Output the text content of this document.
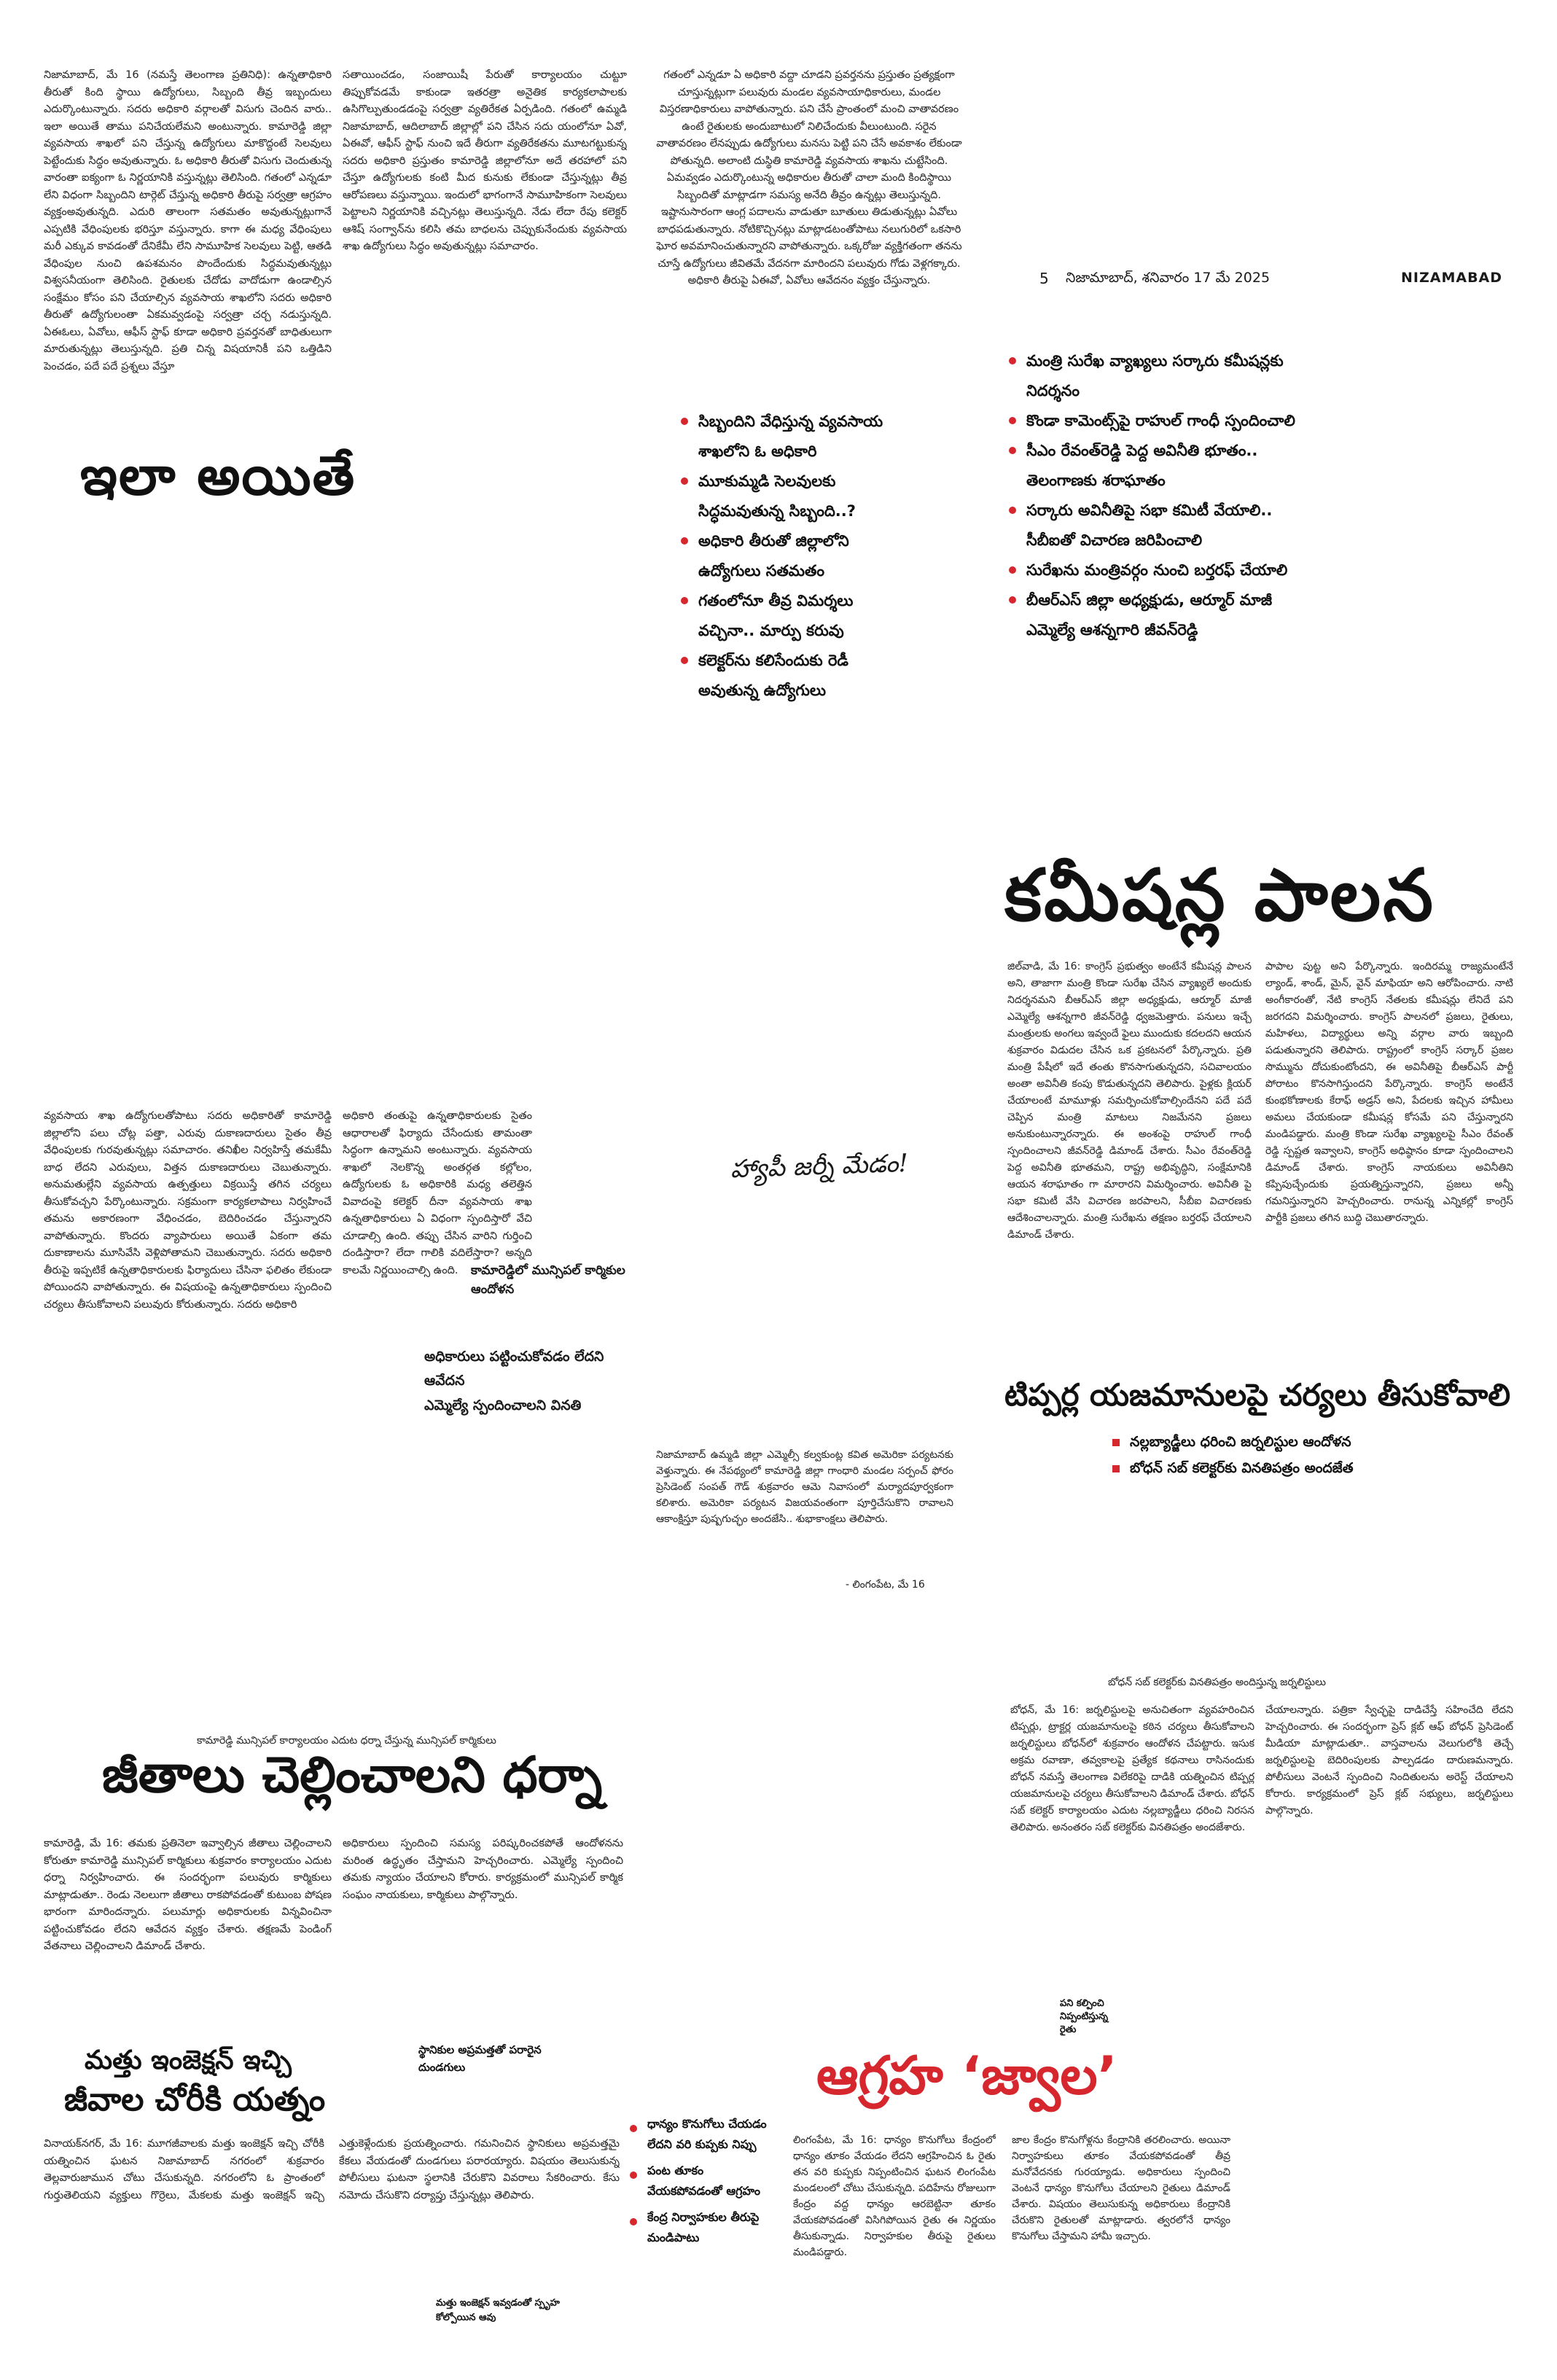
నిజామాబాద్, మే 16 (నమస్తే తెలంగాణ ప్రతినిధి): ఉన్నతాధికారి తీరుతో కింది స్థాయి ఉద్యోగులు, సిబ్బంది తీవ్ర ఇబ్బందులు ఎదుర్కొంటున్నారు. సదరు అధికారి వర్గాలతో విసుగు చెందిన వారు.. ఇలా అయితే తాము పనిచేయలేమని అంటున్నారు. కామారెడ్డి జిల్లా వ్యవసాయ శాఖలో పని చేస్తున్న ఉద్యోగులు మాకొద్దంటే సెలవులు పెట్టేందుకు సిద్ధం అవుతున్నారు. ఓ అధికారి తీరుతో విసుగు చెందుతున్న వారంతా ఐక్యంగా ఓ నిర్ణయానికి వస్తున్నట్లు తెలిసింది. గతంలో ఎన్నడూ లేని విధంగా సిబ్బందిని టార్గెట్ చేస్తున్న అధికారి తీరుపై సర్వత్రా ఆగ్రహం వ్యక్తంఅవుతున్నది. ఎదురి తాలంగా సతమతం అవుతున్నట్లుగానే ఎప్పటికి వేధింపులకు భరిస్తూ వస్తున్నారు. కాగా ఈ మధ్య వేధింపులు మరీ ఎక్కువ కావడంతో దేనికేమీ లేని సామూహిక సెలవులు పెట్టి, ఆతడి వేధింపుల నుంచి ఉపశమనం పొందేందుకు సిద్ధమవుతున్నట్లు విశ్వసనీయంగా తెలిసింది. రైతులకు చేదోడు వాదోడుగా ఉండాల్సిన సంక్షేమం కోసం పని చేయాల్సిన వ్యవసాయ శాఖలోని సదరు అధికారి తీరుతో ఉద్యోగులంతా ఏకమవ్వడంపై సర్వత్రా చర్చ నడుస్తున్నది. ఏఈఓలు, ఏవోలు, ఆఫీస్ స్టాఫ్ కూడా అధికారి ప్రవర్తనతో బాధితులుగా మారుతున్నట్లు తెలుస్తున్నది. ప్రతి చిన్న విషయానికీ పని ఒత్తిడిని పెంచడం, పదే పదే ప్రశ్నలు వేస్తూ
సతాయించడం, సంజాయిషీ పేరుతో కార్యాలయం చుట్టూ తిప్పుకోవడమే కాకుండా ఇతరత్రా అనైతిక కార్యకలాపాలకు ఉసిగొల్పుతుండడంపై సర్వత్రా వ్యతిరేకత ఏర్పడింది. గతంలో ఉమ్మడి నిజామాబాద్, ఆదిలాబాద్ జిల్లాల్లో పని చేసిన సదు యంలోనూ ఏవో, ఏఈవో, ఆఫీస్ స్టాఫ్ నుంచి ఇదే తీరుగా వ్యతిరేకతను మూటగట్టుకున్న సదరు అధికారి ప్రస్తుతం కామారెడ్డి జిల్లాలోనూ అదే తరహాలో పని చేస్తూ ఉద్యోగులకు కంటి మీద కునుకు లేకుండా చేస్తున్నట్లు తీవ్ర ఆరోపణలు వస్తున్నాయి. ఇందులో భాగంగానే సామూహికంగా సెలవులు పెట్టాలని నిర్ణయానికి వచ్చినట్లు తెలుస్తున్నది. నేడు లేదా రేపు కలెక్టర్ ఆశిష్ సంగ్వాన్‌ను కలిసి తమ బాధలను చెప్పుకునేందుకు వ్యవసాయ శాఖ ఉద్యోగులు సిద్ధం అవుతున్నట్లు సమాచారం.
గతంలో ఎన్నడూ ఏ అధికారి వద్దా చూడని ప్రవర్తనను ప్రస్తుతం ప్రత్యక్షంగా చూస్తున్నట్లుగా పలువురు మండల వ్యవసాయాధికారులు, మండల విస్తరణాధికారులు వాపోతున్నారు. పని చేసే ప్రాంతంలో మంచి వాతావరణం ఉంటే రైతులకు అందుబాటులో నిలిచేందుకు వీలుంటుంది. సరైన వాతావరణం లేనప్పుడు ఉద్యోగులు మనసు పెట్టి పని చేసే అవకాశం లేకుండా పోతున్నది. అలాంటి దుస్థితి కామారెడ్డి వ్యవసాయ శాఖను చుట్టేసింది. ఏమవ్వడం ఎదుర్కొంటున్న అధికారుల తీరుతో చాలా మంది కిందిస్థాయి సిబ్బందితో మాట్లాడగా సమస్య అనేది తీవ్రం ఉన్నట్లు తెలుస్తున్నది. ఇష్టానుసారంగా ఆంగ్ల పదాలను వాడుతూ బూతులు తిడుతున్నట్లు ఏవోలు బాధపడుతున్నారు. నోటికొచ్చినట్లు మాట్లాడటంతోపాటు నలుగురిలో ఒకసారి ఘోర అవమానించుతున్నారని వాపోతున్నారు. ఒక్కరోజు వ్యక్తిగతంగా తనను చూస్తే ఉద్యోగులు జీవితమే వేదనగా మారిందని పలువురు గోడు వెళ్లగక్కారు. అధికారి తీరుపై ఏఈవో, ఏవోలు ఆవేదనం వ్యక్తం చేస్తున్నారు.
ఇలా అయితే
సిబ్బందిని వేధిస్తున్న వ్యవసాయ శాఖలోని ఓ అధికారి
మూకుమ్మడి సెలవులకు సిద్ధమవుతున్న సిబ్బంది..?
అధికారి తీరుతో జిల్లాలోని ఉద్యోగులు సతమతం
గతంలోనూ తీవ్ర విమర్శలు వచ్చినా.. మార్పు కరువు
కలెక్టర్‌ను కలిసేందుకు రెడీ అవుతున్న ఉద్యోగులు
5 నిజామాబాద్, శనివారం 17 మే 2025	NIZAMABAD
మంత్రి సురేఖ వ్యాఖ్యలు సర్కారు కమీషన్లకు నిదర్శనం
కొండా కామెంట్స్‌పై రాహుల్ గాంధీ స్పందించాలి
సీఎం రేవంత్‌రెడ్డి పెద్ద అవినీతి భూతం.. తెలంగాణకు శరాఘాతం
సర్కారు అవినీతిపై సభా కమిటీ వేయాలి.. సీబీఐతో విచారణ జరిపించాలి
సురేఖను మంత్రివర్గం నుంచి బర్తరఫ్ చేయాలి
బీఆర్ఎస్ జిల్లా అధ్యక్షుడు, ఆర్మూర్ మాజీ ఎమ్మెల్యే ఆశన్నగారి జీవన్‌రెడ్డి
కమీషన్ల పాలన
జిల్‌వాడి, మే 16: కాంగ్రెస్ ప్రభుత్వం అంటేనే కమీషన్ల పాలన అని, తాజాగా మంత్రి కొండా సురేఖ చేసిన వ్యాఖ్యలే అందుకు నిదర్శనమని బీఆర్ఎస్ జిల్లా అధ్యక్షుడు, ఆర్మూర్ మాజీ ఎమ్మెల్యే ఆశన్నగారి జీవన్‌రెడ్డి ధ్వజమెత్తారు. పనులు ఇచ్చే మంత్రులకు అంగలు ఇవ్వందే ఫైలు ముందుకు కదలదని ఆయన శుక్రవారం విడుదల చేసిన ఒక ప్రకటనలో పేర్కొన్నారు. ప్రతి మంత్రి పేషీలో ఇదే తంతు కొనసాగుతున్నదని, సచివాలయం అంతా అవినీతి కంపు కొడుతున్నదని తెలిపారు. పైళ్లకు క్లియర్ చేయాలంటే మామూళ్లు సమర్పించుకోవాల్సిందేనని పదే పదే చెప్పిన మంత్రి మాటలు నిజమేనని ప్రజలు అనుకుంటున్నారన్నారు. ఈ అంశంపై రాహుల్ గాంధీ స్పందించాలని జీవన్‌రెడ్డి డిమాండ్ చేశారు. సీఎం రేవంత్‌రెడ్డి పెద్ద అవినీతి భూతమని, రాష్ట్ర అభివృద్ధిని, సంక్షేమానికి ఆయన శరాఘాతం గా మారారని విమర్శించారు. అవినీతి పై సభా కమిటీ వేసి విచారణ జరపాలని, సీబీఐ విచారణకు ఆదేశించాలన్నారు. మంత్రి సురేఖను తక్షణం బర్తరఫ్ చేయాలని డిమాండ్ చేశారు.
పాపాల పుట్ట అని పేర్కొన్నారు. ఇందిరమ్మ రాజ్యమంటేనే ల్యాండ్, శాండ్, మైన్, వైన్ మాఫియా అని ఆరోపించారు. నాటి అంగీకారంతో, నేటి కాంగ్రెస్ నేతలకు కమీషన్లు లేనిదే పని జరగదని విమర్శించారు. కాంగ్రెస్ పాలనలో ప్రజలు, రైతులు, మహిళలు, విద్యార్థులు అన్ని వర్గాల వారు ఇబ్బంది పడుతున్నారని తెలిపారు. రాష్ట్రంలో కాంగ్రెస్ సర్కార్ ప్రజల సొమ్మును దోచుకుంటోందని, ఈ అవినీతిపై బీఆర్ఎస్ పార్టీ పోరాటం కొనసాగిస్తుందని పేర్కొన్నారు. కాంగ్రెస్ అంటేనే కుంభకోణాలకు కేరాఫ్ అడ్రస్ అని, పేదలకు ఇచ్చిన హామీలు అమలు చేయకుండా కమీషన్ల కోసమే పని చేస్తున్నారని మండిపడ్డారు. మంత్రి కొండా సురేఖ వ్యాఖ్యలపై సీఎం రేవంత్ రెడ్డి స్పష్టత ఇవ్వాలని, కాంగ్రెస్ అధిష్ఠానం కూడా స్పందించాలని డిమాండ్ చేశారు. కాంగ్రెస్ నాయకులు అవినీతిని కప్పిపుచ్చేందుకు ప్రయత్నిస్తున్నారని, ప్రజలు అన్నీ గమనిస్తున్నారని హెచ్చరించారు. రానున్న ఎన్నికల్లో కాంగ్రెస్ పార్టీకి ప్రజలు తగిన బుద్ధి చెబుతారన్నారు.
టిప్పర్ల యజమానులపై చర్యలు తీసుకోవాలి
నల్లబ్యాడ్జీలు ధరించి జర్నలిస్టుల ఆందోళన
బోధన్ సబ్ కలెక్టర్‌కు వినతిపత్రం అందజేత
వ్యవసాయ శాఖ ఉద్యోగులతోపాటు సదరు అధికారితో కామారెడ్డి జిల్లాలోని పలు చోట్ల పత్తా, ఎరువు దుకాణదారులు సైతం తీవ్ర వేధింపులకు గురవుతున్నట్లు సమాచారం. తనిఖీల నిర్వహిస్తే తమకేమీ బాధ లేదని ఎరువులు, విత్తన దుకాణదారులు చెబుతున్నారు. అనుమతుల్లేని వ్యవసాయ ఉత్పత్తులు విక్రయిస్తే తగిన చర్యలు తీసుకోవచ్చని పేర్కొంటున్నారు. సక్రమంగా కార్యకలాపాలు నిర్వహించే తమను అకారణంగా వేధించడం, బెదిరించడం చేస్తున్నారని వాపోతున్నారు. కొందరు వ్యాపారులు అయితే ఏకంగా తమ దుకాణాలను మూసివేసి వెళ్లిపోతామని చెబుతున్నారు. సదరు అధికారి తీరుపై ఇప్పటికే ఉన్నతాధికారులకు ఫిర్యాదులు చేసినా ఫలితం లేకుండా పోయిందని వాపోతున్నారు. ఈ విషయంపై ఉన్నతాధికారులు స్పందించి చర్యలు తీసుకోవాలని పలువురు కోరుతున్నారు. సదరు అధికారి
అధికారి తంతుపై ఉన్నతాధికారులకు సైతం ఆధారాలతో ఫిర్యాదు చేసేందుకు తామంతా సిద్ధంగా ఉన్నామని అంటున్నారు. వ్యవసాయ శాఖలో నెలకొన్న అంతర్గత కల్లోలం, ఉద్యోగులకు ఓ అధికారికి మధ్య తలెత్తిన వివాదంపై కలెక్టర్ దీనా వ్యవసాయ శాఖ ఉన్నతాధికారులు ఏ విధంగా స్పందిస్తారో వేచి చూడాల్సి ఉంది. తప్పు చేసిన వారిని గుర్తించి దండిస్తారా? లేదా గాలికి వదిలేస్తారా? అన్నది కాలమే నిర్ణయించాల్సి ఉంది.	కామారెడ్డిలో మున్సిపల్ కార్మికుల ఆందోళన
అధికారులు పట్టించుకోవడం లేదని ఆవేదన
ఎమ్మెల్యే స్పందించాలని వినతి
హ్యాపీ జర్నీ మేడం!
నిజామాబాద్ ఉమ్మడి జిల్లా ఎమ్మెల్సీ కల్వకుంట్ల కవిత అమెరికా పర్యటనకు వెళ్తున్నారు. ఈ నేపథ్యంలో కామారెడ్డి జిల్లా గాంధారి మండల సర్పంచ్ ఫోరం ప్రెసిడెంట్ సంపత్ గౌడ్ శుక్రవారం ఆమె నివాసంలో మర్యాదపూర్వకంగా కలిశారు. అమెరికా పర్యటన విజయవంతంగా పూర్తిచేసుకొని రావాలని ఆకాంక్షిస్తూ పుష్పగుచ్ఛం అందజేసి.. శుభాకాంక్షలు తెలిపారు.
- లింగంపేట, మే 16
బోధన్ సబ్ కలెక్టర్‌కు వినతిపత్రం అందిస్తున్న జర్నలిస్టులు
బోధన్, మే 16: జర్నలిస్టులపై అనుచితంగా వ్యవహరించిన టిప్పర్లు, ట్రాక్టర్ల యజమానులపై కఠిన చర్యలు తీసుకోవాలని జర్నలిస్టులు బోధన్‌లో శుక్రవారం ఆందోళన చేపట్టారు. ఇసుక అక్రమ రవాణా, తవ్వకాలపై ప్రత్యేక కథనాలు రాసినందుకు బోధన్ నమస్తే తెలంగాణ విలేకరిపై దాడికి యత్నించిన టిప్పర్ల యజమానులపై చర్యలు తీసుకోవాలని డిమాండ్ చేశారు. బోధన్ సబ్ కలెక్టర్ కార్యాలయం ఎదుట నల్లబ్యాడ్జీలు ధరించి నిరసన తెలిపారు. అనంతరం సబ్ కలెక్టర్‌కు వినతిపత్రం అందజేశారు.
చేయాలన్నారు. పత్రికా స్వేచ్ఛపై దాడిచేస్తే సహించేది లేదని హెచ్చరించారు. ఈ సందర్భంగా ప్రెస్ క్లబ్ ఆఫ్ బోధన్ ప్రెసిడెంట్ మీడియా మాట్లాడుతూ.. వాస్తవాలను వెలుగులోకి తెచ్చే జర్నలిస్టులపై బెదిరింపులకు పాల్పడడం దారుణమన్నారు. పోలీసులు వెంటనే స్పందించి నిందితులను అరెస్ట్ చేయాలని కోరారు. కార్యక్రమంలో ప్రెస్ క్లబ్ సభ్యులు, జర్నలిస్టులు పాల్గొన్నారు.
పని కల్పించి నిప్పంటిస్తున్న రైతు
కామారెడ్డి మున్సిపల్ కార్యాలయం ఎదుట ధర్నా చేస్తున్న మున్సిపల్ కార్మికులు
జీతాలు చెల్లించాలని ధర్నా
కామారెడ్డి, మే 16: తమకు ప్రతినెలా ఇవ్వాల్సిన జీతాలు చెల్లించాలని కోరుతూ కామారెడ్డి మున్సిపల్ కార్మికులు శుక్రవారం కార్యాలయం ఎదుట ధర్నా నిర్వహించారు. ఈ సందర్భంగా పలువురు కార్మికులు మాట్లాడుతూ.. రెండు నెలలుగా జీతాలు రాకపోవడంతో కుటుంబ పోషణ భారంగా మారిందన్నారు. పలుమార్లు అధికారులకు విన్నవించినా పట్టించుకోవడం లేదని ఆవేదన వ్యక్తం చేశారు. తక్షణమే పెండింగ్ వేతనాలు చెల్లించాలని డిమాండ్ చేశారు.
అధికారులు స్పందించి సమస్య పరిష్కరించకపోతే ఆందోళనను మరింత ఉద్ధృతం చేస్తామని హెచ్చరించారు. ఎమ్మెల్యే స్పందించి తమకు న్యాయం చేయాలని కోరారు. కార్యక్రమంలో మున్సిపల్ కార్మిక సంఘం నాయకులు, కార్మికులు పాల్గొన్నారు.
మత్తు ఇంజెక్షన్ ఇచ్చి
జీవాల చోరీకి యత్నం
స్థానికుల అప్రమత్తతో పరారైన దుండగులు
వినాయక్‌నగర్, మే 16: మూగజీవాలకు మత్తు ఇంజెక్షన్ ఇచ్చి చోరీకి యత్నించిన ఘటన నిజామాబాద్ నగరంలో శుక్రవారం తెల్లవారుజామున చోటు చేసుకున్నది. నగరంలోని ఓ ప్రాంతంలో గుర్తుతెలియని వ్యక్తులు గొర్రెలు, మేకలకు మత్తు ఇంజెక్షన్ ఇచ్చి ఎత్తుకెళ్లేందుకు ప్రయత్నించారు. గమనించిన స్థానికులు అప్రమత్తమై కేకలు వేయడంతో దుండగులు పరారయ్యారు. విషయం తెలుసుకున్న పోలీసులు ఘటనా స్థలానికి చేరుకొని వివరాలు సేకరించారు. కేసు నమోదు చేసుకొని దర్యాప్తు చేస్తున్నట్లు తెలిపారు.
మత్తు ఇంజెక్షన్ ఇవ్వడంతో స్పృహ కోల్పోయిన ఆవు
ఆగ్రహ ‘జ్వాల’
ధాన్యం కొనుగోలు చేయడం లేదని వరి కుప్పకు నిప్పు
పంట తూకం వేయకపోవడంతో ఆగ్రహం
కేంద్ర నిర్వాహకుల తీరుపై మండిపాటు
లింగంపేట, మే 16: ధాన్యం కొనుగోలు కేంద్రంలో ధాన్యం తూకం వేయడం లేదని ఆగ్రహించిన ఓ రైతు తన వరి కుప్పకు నిప్పంటించిన ఘటన లింగంపేట మండలంలో చోటు చేసుకున్నది. పదిహేను రోజులుగా కేంద్రం వద్ద ధాన్యం ఆరబెట్టినా తూకం వేయకపోవడంతో విసిగిపోయిన రైతు ఈ నిర్ణయం తీసుకున్నాడు. నిర్వాహకుల తీరుపై రైతులు మండిపడ్డారు.
జాల కేంద్రం కొనుగోళ్లను కేంద్రానికి తరలించారు. అయినా నిర్వాహకులు తూకం వేయకపోవడంతో తీవ్ర మనోవేదనకు గురయ్యాడు. అధికారులు స్పందించి వెంటనే ధాన్యం కొనుగోలు చేయాలని రైతులు డిమాండ్ చేశారు. విషయం తెలుసుకున్న అధికారులు కేంద్రానికి చేరుకొని రైతులతో మాట్లాడారు. త్వరలోనే ధాన్యం కొనుగోలు చేస్తామని హామీ ఇచ్చారు.
